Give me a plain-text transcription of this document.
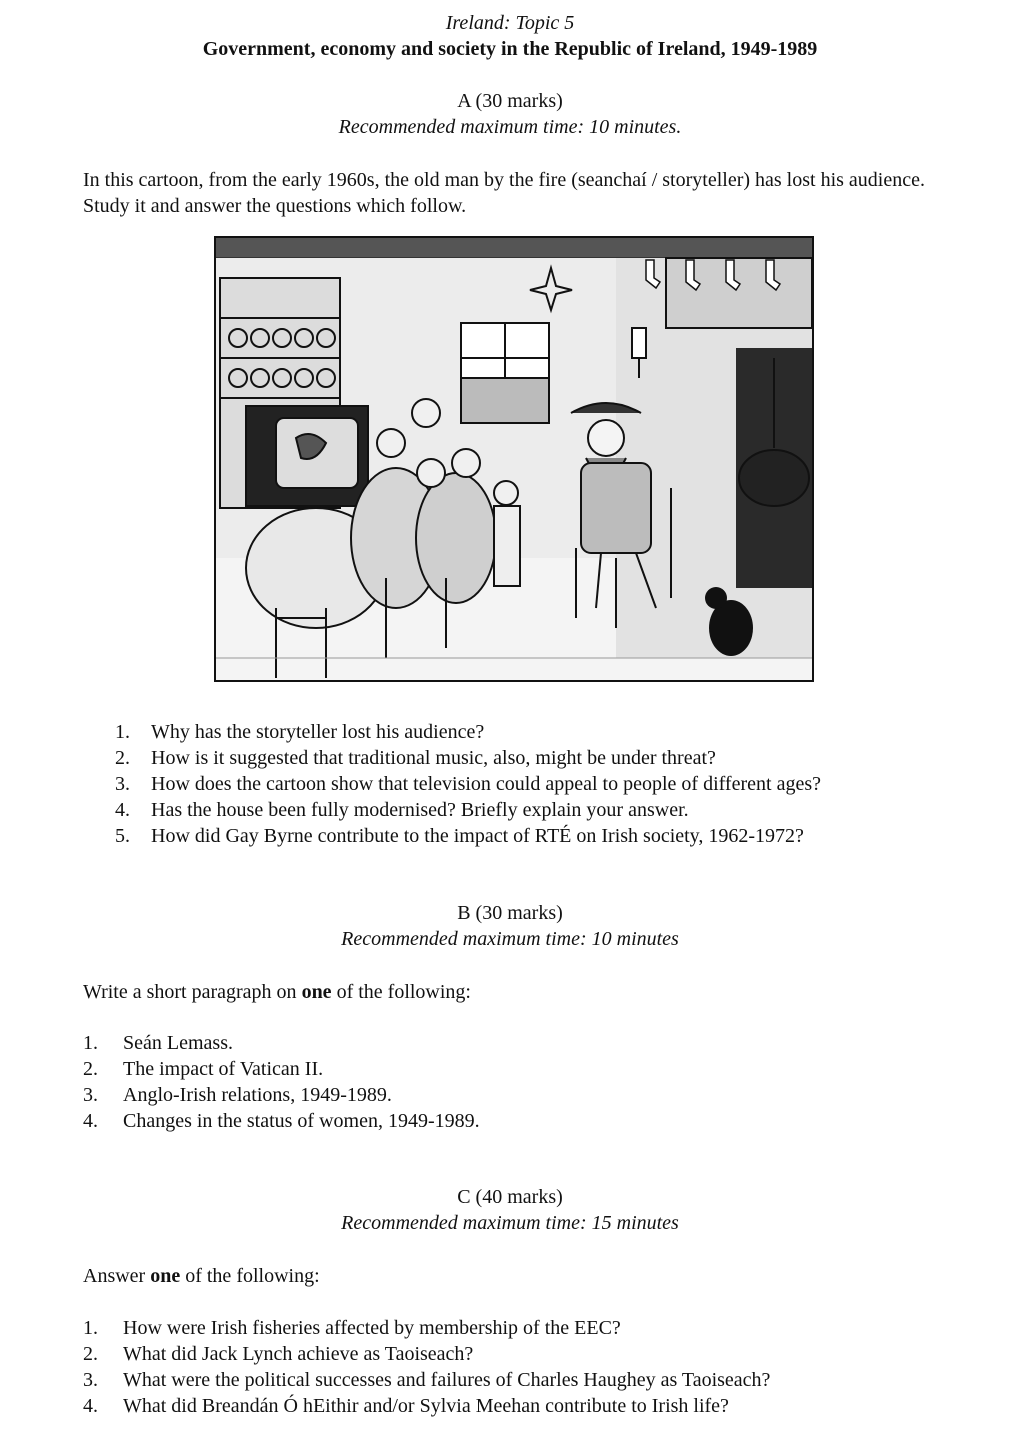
Ireland: Topic 5
Government, economy and society in the Republic of Ireland, 1949-1989
A (30 marks)
Recommended maximum time: 10 minutes.
In this cartoon, from the early 1960s, the old man by the fire (seanchaí / storyteller) has lost his audience. Study it and answer the questions which follow.
1. Why has the storyteller lost his audience?
2. How is it suggested that traditional music, also, might be under threat?
3. How does the cartoon show that television could appeal to people of different ages?
4. Has the house been fully modernised? Briefly explain your answer.
5. How did Gay Byrne contribute to the impact of RTÉ on Irish society, 1962-1972?
B (30 marks)
Recommended maximum time: 10 minutes
Write a short paragraph on one of the following:
1. Seán Lemass.
2. The impact of Vatican II.
3. Anglo-Irish relations, 1949-1989.
4. Changes in the status of women, 1949-1989.
C (40 marks)
Recommended maximum time: 15 minutes
Answer one of the following:
1. How were Irish fisheries affected by membership of the EEC?
2. What did Jack Lynch achieve as Taoiseach?
3. What were the political successes and failures of Charles Haughey as Taoiseach?
4. What did Breandán Ó hEithir and/or Sylvia Meehan contribute to Irish life?
